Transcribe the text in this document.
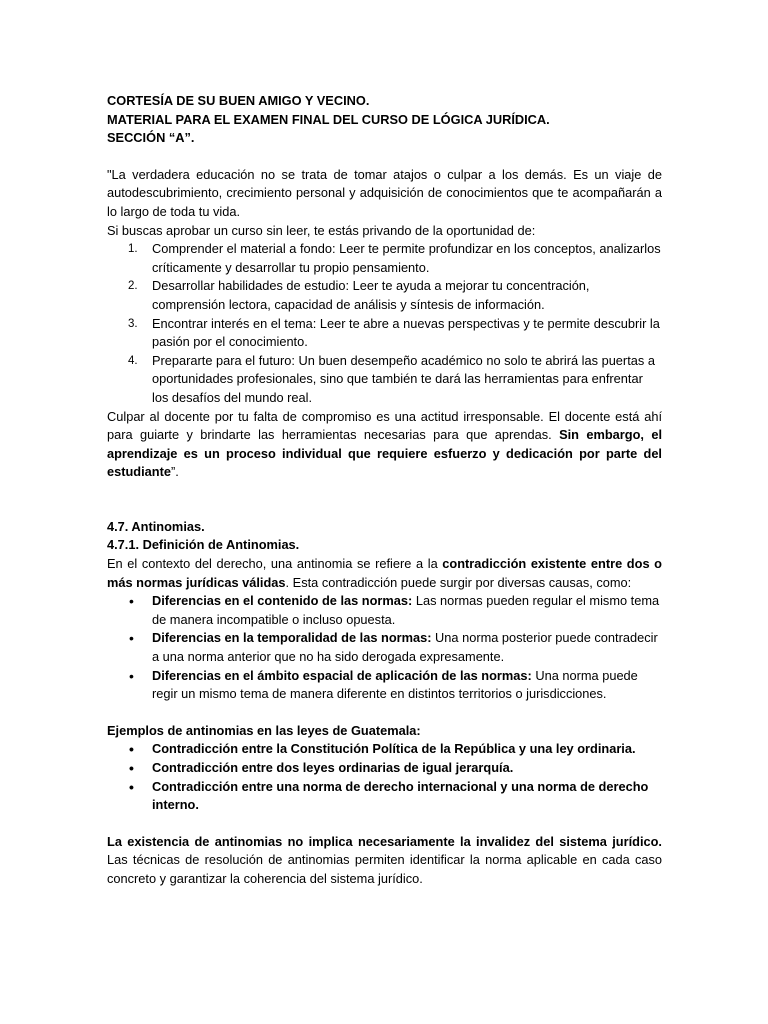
CORTESÍA DE SU BUEN AMIGO Y VECINO.

MATERIAL PARA EL EXAMEN FINAL DEL CURSO DE LÓGICA JURÍDICA.

SECCIÓN “A”.

"La verdadera educación no se trata de tomar atajos o culpar a los demás. Es un viaje de autodescubrimiento, crecimiento personal y adquisición de conocimientos que te acompañarán a lo largo de toda tu vida.

Si buscas aprobar un curso sin leer, te estás privando de la oportunidad de:

1. Comprender el material a fondo: Leer te permite profundizar en los conceptos, analizarlos críticamente y desarrollar tu propio pensamiento.
2. Desarrollar habilidades de estudio: Leer te ayuda a mejorar tu concentración, comprensión lectora, capacidad de análisis y síntesis de información.
3. Encontrar interés en el tema: Leer te abre a nuevas perspectivas y te permite descubrir la pasión por el conocimiento.
4. Prepararte para el futuro: Un buen desempeño académico no solo te abrirá las puertas a oportunidades profesionales, sino que también te dará las herramientas para enfrentar los desafíos del mundo real.

Culpar al docente por tu falta de compromiso es una actitud irresponsable. El docente está ahí para guiarte y brindarte las herramientas necesarias para que aprendas. Sin embargo, el aprendizaje es un proceso individual que requiere esfuerzo y dedicación por parte del estudiante”.

4.7. Antinomias.

4.7.1. Definición de Antinomias.

En el contexto del derecho, una antinomia se refiere a la contradicción existente entre dos o más normas jurídicas válidas. Esta contradicción puede surgir por diversas causas, como:

• Diferencias en el contenido de las normas: Las normas pueden regular el mismo tema de manera incompatible o incluso opuesta.
• Diferencias en la temporalidad de las normas: Una norma posterior puede contradecir a una norma anterior que no ha sido derogada expresamente.
• Diferencias en el ámbito espacial de aplicación de las normas: Una norma puede regir un mismo tema de manera diferente en distintos territorios o jurisdicciones.

Ejemplos de antinomias en las leyes de Guatemala:

• Contradicción entre la Constitución Política de la República y una ley ordinaria.
• Contradicción entre dos leyes ordinarias de igual jerarquía.
• Contradicción entre una norma de derecho internacional y una norma de derecho interno.

La existencia de antinomias no implica necesariamente la invalidez del sistema jurídico. Las técnicas de resolución de antinomias permiten identificar la norma aplicable en cada caso concreto y garantizar la coherencia del sistema jurídico.
